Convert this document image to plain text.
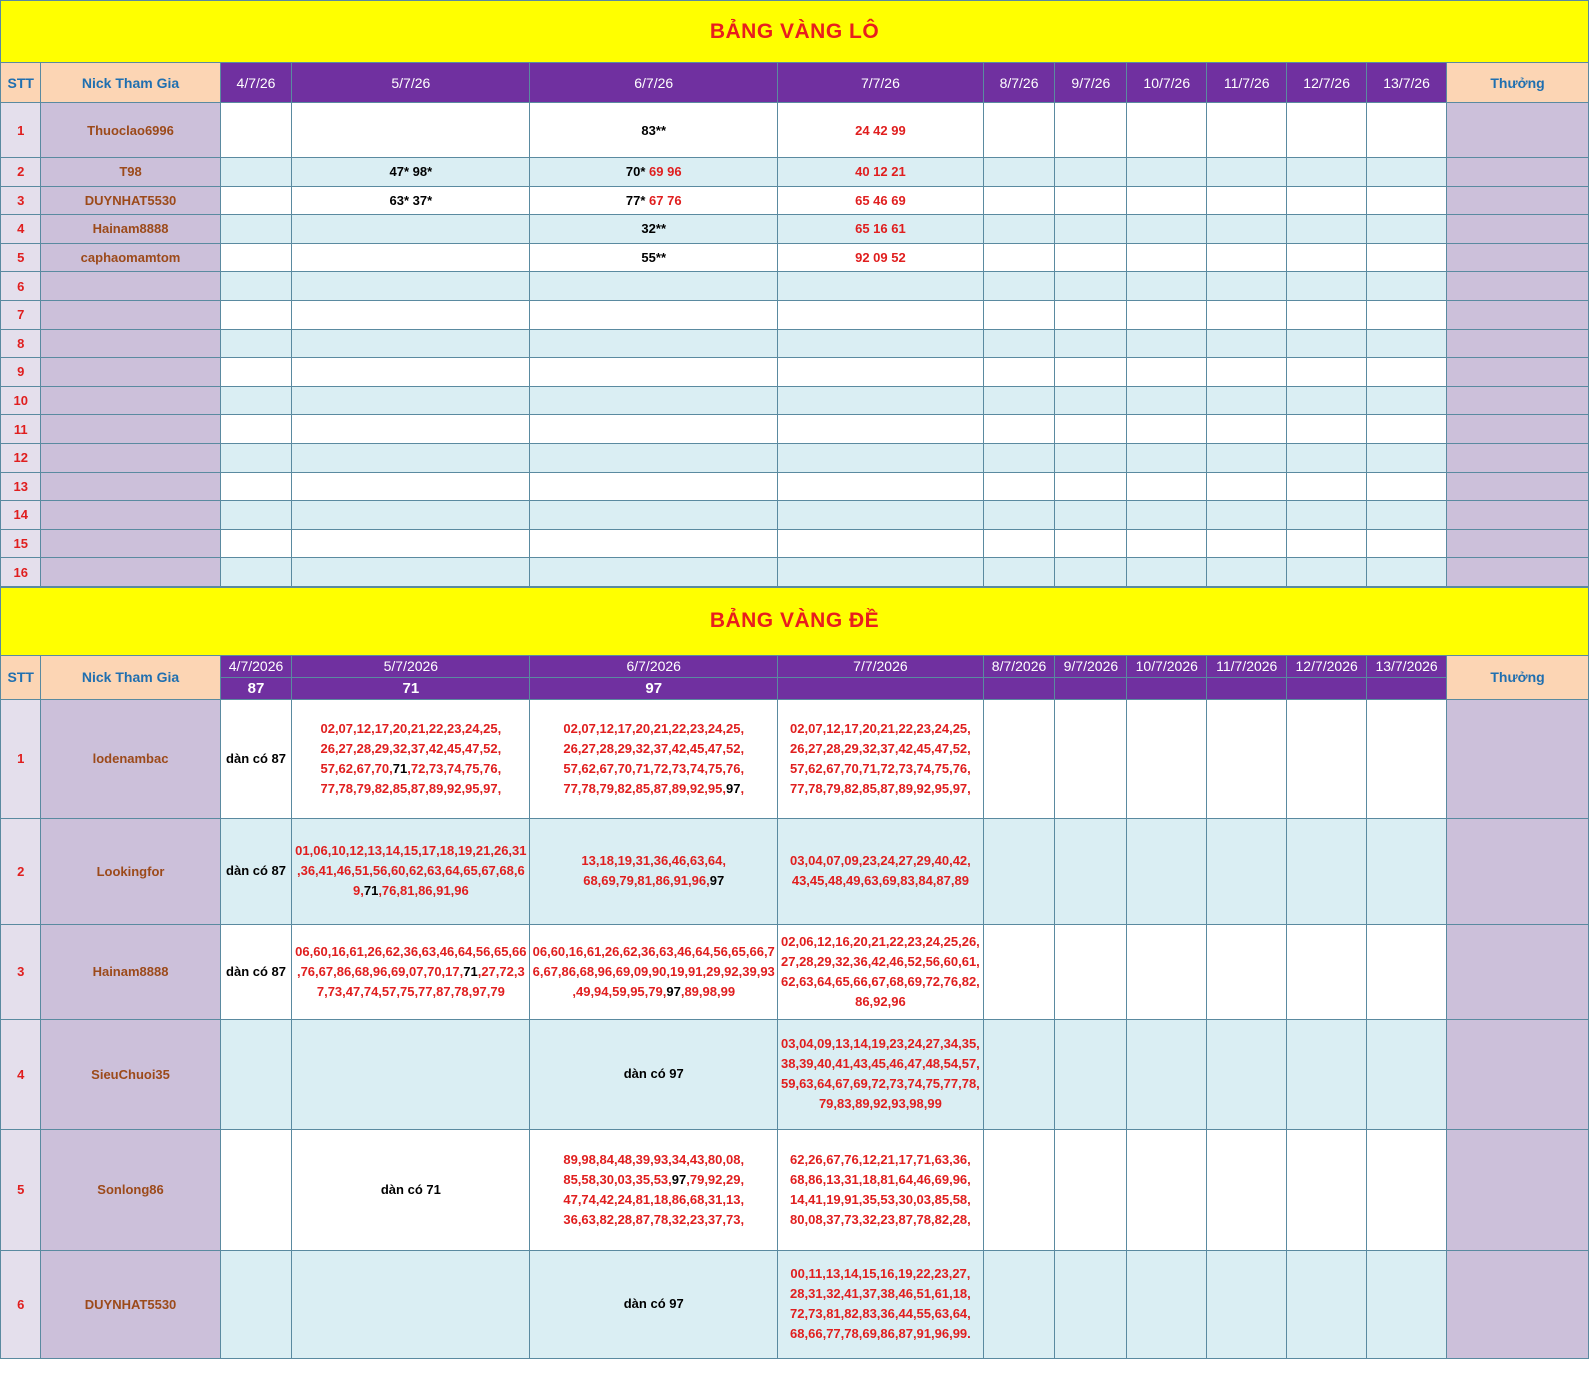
BẢNG VÀNG LÔ												
STT	Nick Tham Gia	4/7/26	5/7/26	6/7/26	7/7/26	8/7/26	9/7/26	10/7/26	11/7/26	12/7/26	13/7/26	Thưởng
1	Thuoclao6996			83**	24 42 99							
2	T98		47* 98*	70* 69 96	40 12 21							
3	DUYNHAT5530		63* 37*	77* 67 76	65 46 69							
4	Hainam8888			32**	65 16 61							
5	caphaomamtom			55**	92 09 52							
6												
7												
8												
9												
10												
11												
12												
13												
14												
15												
16												
BẢNG VÀNG ĐỀ												
STT	Nick Tham Gia	4/7/2026	5/7/2026	6/7/2026	7/7/2026	8/7/2026	9/7/2026	10/7/2026	11/7/2026	12/7/2026	13/7/2026	Thưởng
		87	71	97								
1	lodenambac	dàn có 87	02,07,12,17,20,21,22,23,24,25,
26,27,28,29,32,37,42,45,47,52,
57,62,67,70,71,72,73,74,75,76,
77,78,79,82,85,87,89,92,95,97,	02,07,12,17,20,21,22,23,24,25,
26,27,28,29,32,37,42,45,47,52,
57,62,67,70,71,72,73,74,75,76,
77,78,79,82,85,87,89,92,95,97,	02,07,12,17,20,21,22,23,24,25,
26,27,28,29,32,37,42,45,47,52,
57,62,67,70,71,72,73,74,75,76,
77,78,79,82,85,87,89,92,95,97,							
2	Lookingfor	dàn có 87	01,06,10,12,13,14,15,17,18,19,21,26,31
,36,41,46,51,56,60,62,63,64,65,67,68,6
9,71,76,81,86,91,96	13,18,19,31,36,46,63,64,
68,69,79,81,86,91,96,97	03,04,07,09,23,24,27,29,40,42,
43,45,48,49,63,69,83,84,87,89							
3	Hainam8888	dàn có 87	06,60,16,61,26,62,36,63,46,64,56,65,66
,76,67,86,68,96,69,07,70,17,71,27,72,3
7,73,47,74,57,75,77,87,78,97,79	06,60,16,61,26,62,36,63,46,64,56,65,66,7
6,67,86,68,96,69,09,90,19,91,29,92,39,93
,49,94,59,95,79,97,89,98,99	02,06,12,16,20,21,22,23,24,25,26,
27,28,29,32,36,42,46,52,56,60,61,
62,63,64,65,66,67,68,69,72,76,82,
86,92,96							
4	SieuChuoi35			dàn có 97	03,04,09,13,14,19,23,24,27,34,35,
38,39,40,41,43,45,46,47,48,54,57,
59,63,64,67,69,72,73,74,75,77,78,
79,83,89,92,93,98,99							
5	Sonlong86		dàn có 71	89,98,84,48,39,93,34,43,80,08,
85,58,30,03,35,53,97,79,92,29,
47,74,42,24,81,18,86,68,31,13,
36,63,82,28,87,78,32,23,37,73,	62,26,67,76,12,21,17,71,63,36,
68,86,13,31,18,81,64,46,69,96,
14,41,19,91,35,53,30,03,85,58,
80,08,37,73,32,23,87,78,82,28,							
6	DUYNHAT5530			dàn có 97	00,11,13,14,15,16,19,22,23,27,
28,31,32,41,37,38,46,51,61,18,
72,73,81,82,83,36,44,55,63,64,
68,66,77,78,69,86,87,91,96,99.							
